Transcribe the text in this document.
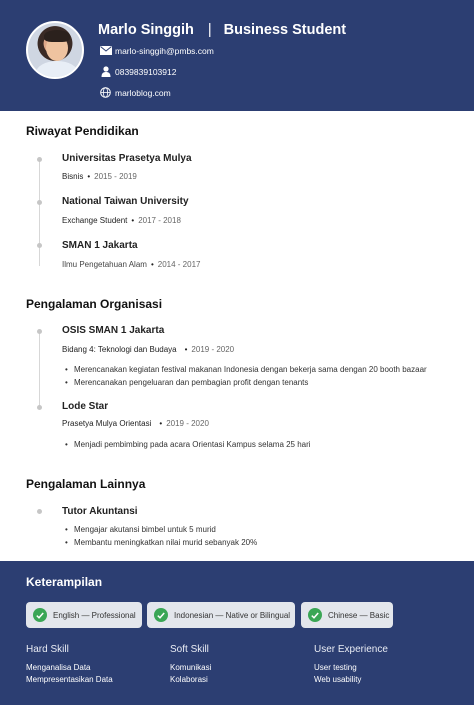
Marlo Singgih | Business Student
marlo-singgih@pmbs.com
0839839103912
marloblog.com
Riwayat Pendidikan
Universitas Prasetya Mulya
Bisnis • 2015 - 2019
National Taiwan University
Exchange Student • 2017 - 2018
SMAN 1 Jakarta
Ilmu Pengetahuan Alam • 2014 - 2017
Pengalaman Organisasi
OSIS SMAN 1 Jakarta
Bidang 4: Teknologi dan Budaya • 2019 - 2020
• Merencanakan kegiatan festival makanan Indonesia dengan bekerja sama dengan 20 booth bazaar
• Merencanakan pengeluaran dan pembagian profit dengan tenants
Lode Star
Prasetya Mulya Orientasi • 2019 - 2020
• Menjadi pembimbing pada acara Orientasi Kampus selama 25 hari
Pengalaman Lainnya
Tutor Akuntansi
• Mengajar akutansi bimbel untuk 5 murid
• Membantu meningkatkan nilai murid sebanyak 20%
Keterampilan
English — Professional	Indonesian — Native or Bilingual	Chinese — Basic
Hard Skill
Menganalisa Data
Mempresentasikan Data
Soft Skill
Komunikasi
Kolaborasi
User Experience
User testing
Web usability
